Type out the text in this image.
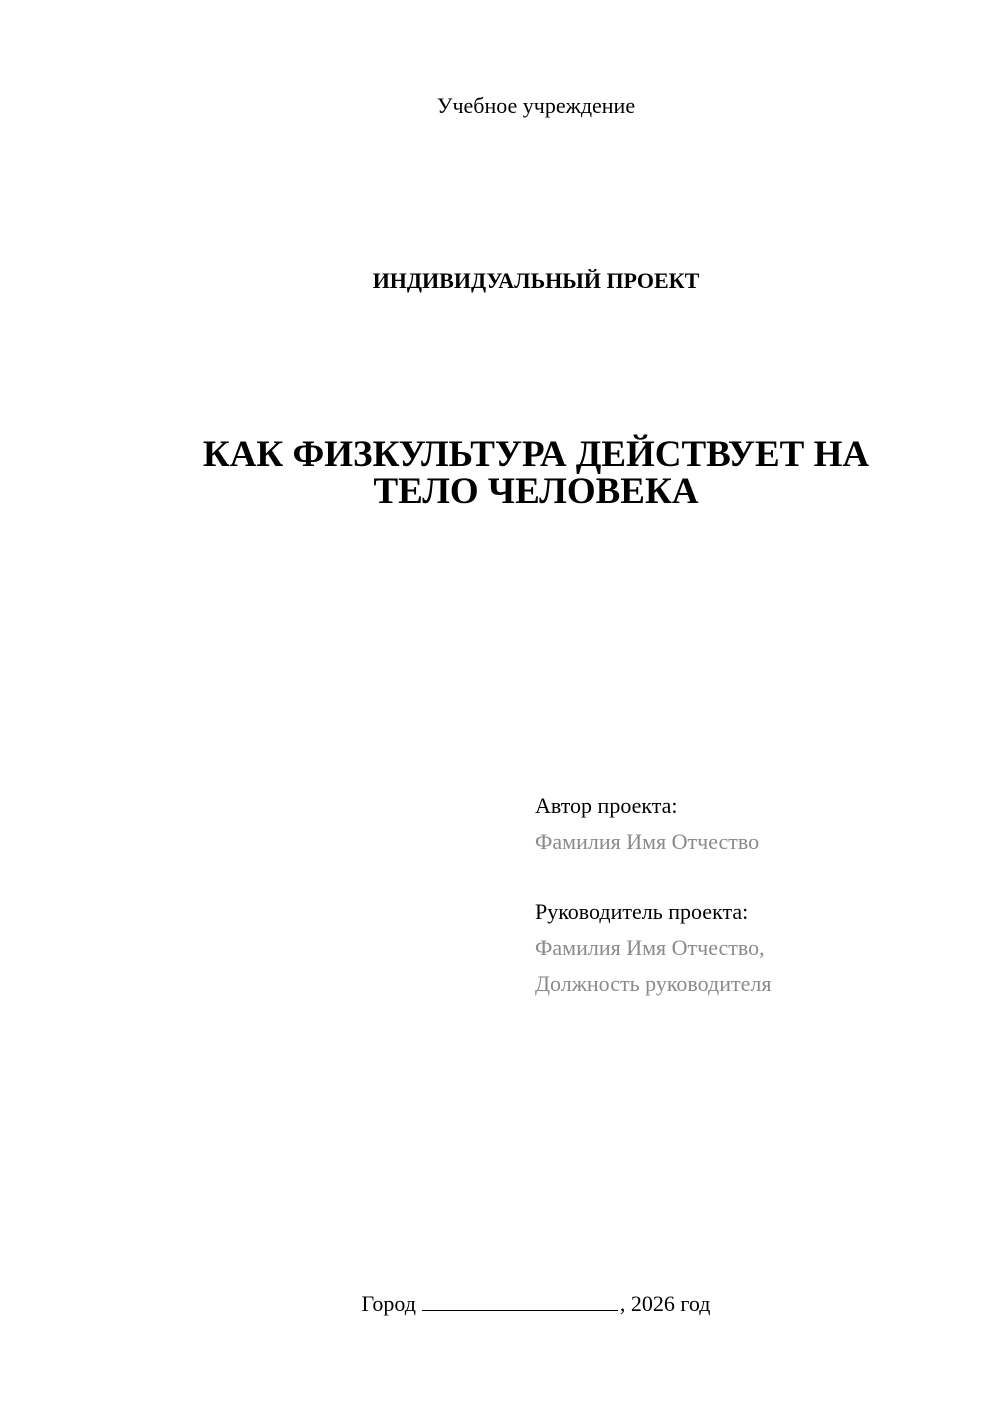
Учебное учреждение
ИНДИВИДУАЛЬНЫЙ ПРОЕКТ
КАК ФИЗКУЛЬТУРА ДЕЙСТВУЕТ НА
ТЕЛО ЧЕЛОВЕКА
Автор проекта:
Фамилия Имя Отчество
Руководитель проекта:
Фамилия Имя Отчество,
Должность руководителя
Город	, 2026 год
